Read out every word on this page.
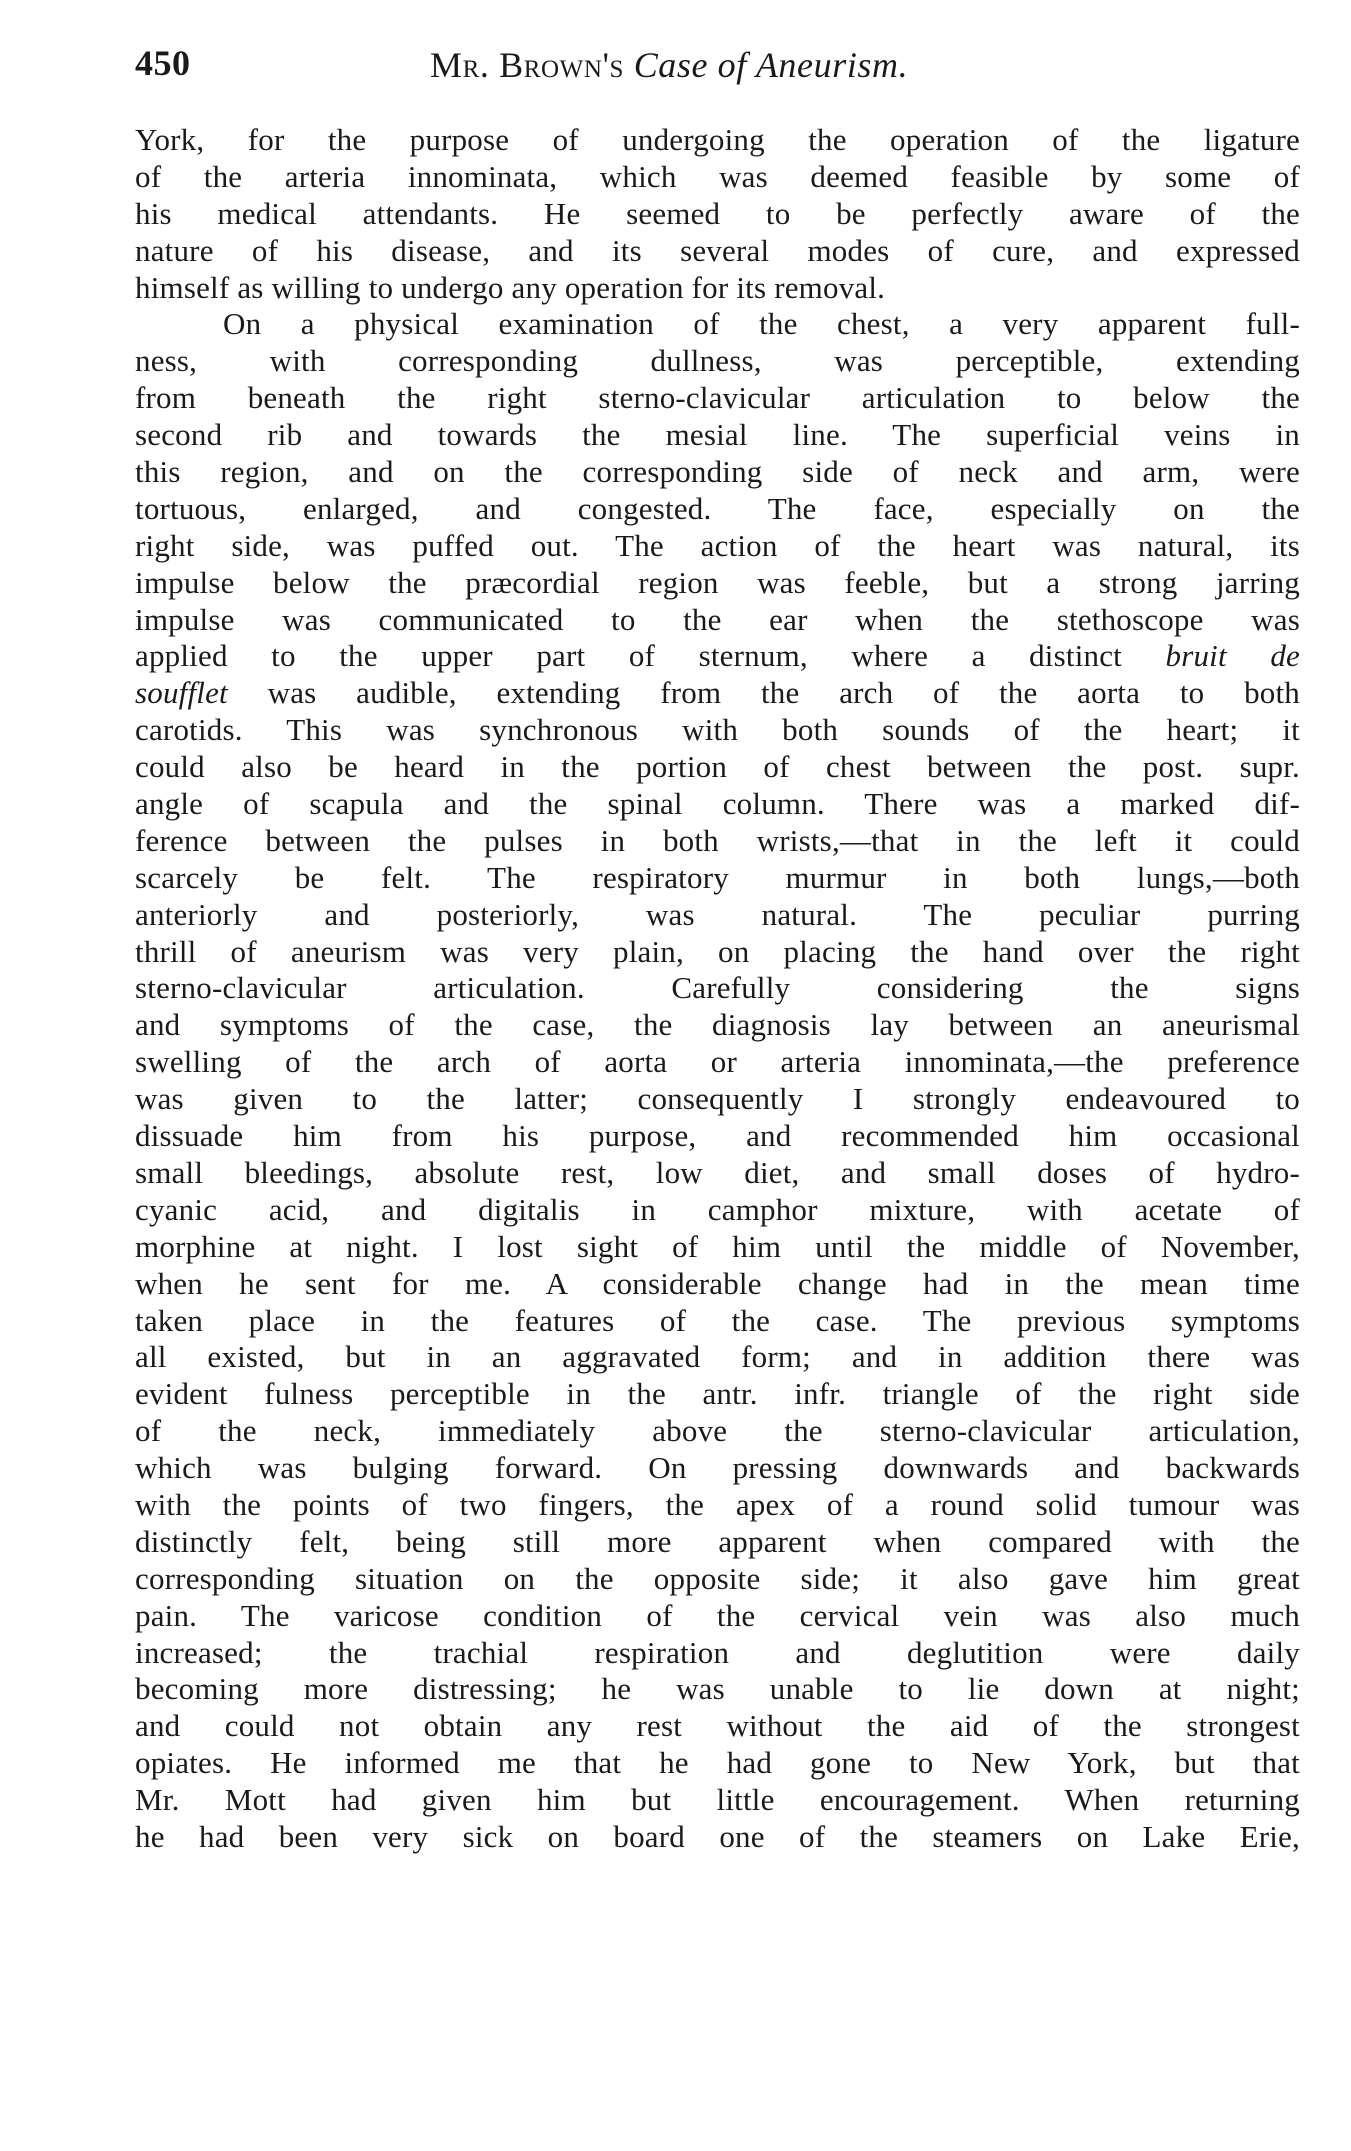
450	Mr. Brown's Case of Aneurism.
York, for the purpose of undergoing the operation of the ligature
of the arteria innominata, which was deemed feasible by some of
his medical attendants. He seemed to be perfectly aware of the
nature of his disease, and its several modes of cure, and expressed
himself as willing to undergo any operation for its removal.
On a physical examination of the chest, a very apparent full-
ness, with corresponding dullness, was perceptible, extending
from beneath the right sterno-clavicular articulation to below the
second rib and towards the mesial line. The superficial veins in
this region, and on the corresponding side of neck and arm, were
tortuous, enlarged, and congested. The face, especially on the
right side, was puffed out. The action of the heart was natural, its
impulse below the præcordial region was feeble, but a strong jarring
impulse was communicated to the ear when the stethoscope was
applied to the upper part of sternum, where a distinct bruit de
soufflet was audible, extending from the arch of the aorta to both
carotids. This was synchronous with both sounds of the heart; it
could also be heard in the portion of chest between the post. supr.
angle of scapula and the spinal column. There was a marked dif-
ference between the pulses in both wrists,—that in the left it could
scarcely be felt. The respiratory murmur in both lungs,—both
anteriorly and posteriorly, was natural. The peculiar purring
thrill of aneurism was very plain, on placing the hand over the right
sterno-clavicular articulation. Carefully considering the signs
and symptoms of the case, the diagnosis lay between an aneurismal
swelling of the arch of aorta or arteria innominata,—the preference
was given to the latter; consequently I strongly endeavoured to
dissuade him from his purpose, and recommended him occasional
small bleedings, absolute rest, low diet, and small doses of hydro-
cyanic acid, and digitalis in camphor mixture, with acetate of
morphine at night. I lost sight of him until the middle of November,
when he sent for me. A considerable change had in the mean time
taken place in the features of the case. The previous symptoms
all existed, but in an aggravated form; and in addition there was
evident fulness perceptible in the antr. infr. triangle of the right side
of the neck, immediately above the sterno-clavicular articulation,
which was bulging forward. On pressing downwards and backwards
with the points of two fingers, the apex of a round solid tumour was
distinctly felt, being still more apparent when compared with the
corresponding situation on the opposite side; it also gave him great
pain. The varicose condition of the cervical vein was also much
increased; the trachial respiration and deglutition were daily
becoming more distressing; he was unable to lie down at night;
and could not obtain any rest without the aid of the strongest
opiates. He informed me that he had gone to New York, but that
Mr. Mott had given him but little encouragement. When returning
he had been very sick on board one of the steamers on Lake Erie,
